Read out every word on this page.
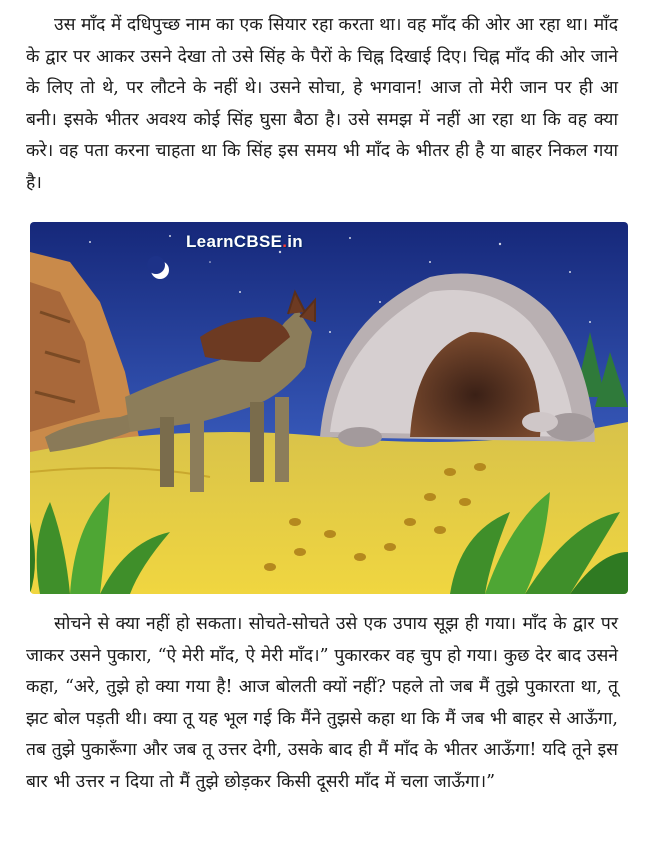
उस माँद में दधिपुच्छ नाम का एक सियार रहा करता था। वह माँद की ओर आ रहा था। माँद के द्वार पर आकर उसने देखा तो उसे सिंह के पैरों के चिह्न दिखाई दिए। चिह्न माँद की ओर जाने के लिए तो थे, पर लौटने के नहीं थे। उसने सोचा, हे भगवान! आज तो मेरी जान पर ही आ बनी। इसके भीतर अवश्य कोई सिंह घुसा बैठा है। उसे समझ में नहीं आ रहा था कि वह क्या करे। वह पता करना चाहता था कि सिंह इस समय भी माँद के भीतर ही है या बाहर निकल गया है।

LearnCBSE.in

सोचने से क्या नहीं हो सकता। सोचते-सोचते उसे एक उपाय सूझ ही गया। माँद के द्वार पर जाकर उसने पुकारा, “ऐ मेरी माँद, ऐ मेरी माँद।” पुकारकर वह चुप हो गया। कुछ देर बाद उसने कहा, “अरे, तुझे हो क्या गया है! आज बोलती क्यों नहीं? पहले तो जब मैं तुझे पुकारता था, तू झट बोल पड़ती थी। क्या तू यह भूल गई कि मैंने तुझसे कहा था कि मैं जब भी बाहर से आऊँगा, तब तुझे पुकारूँगा और जब तू उत्तर देगी, उसके बाद ही मैं माँद के भीतर आऊँगा! यदि तूने इस बार भी उत्तर न दिया तो मैं तुझे छोड़कर किसी दूसरी माँद में चला जाऊँगा।”
